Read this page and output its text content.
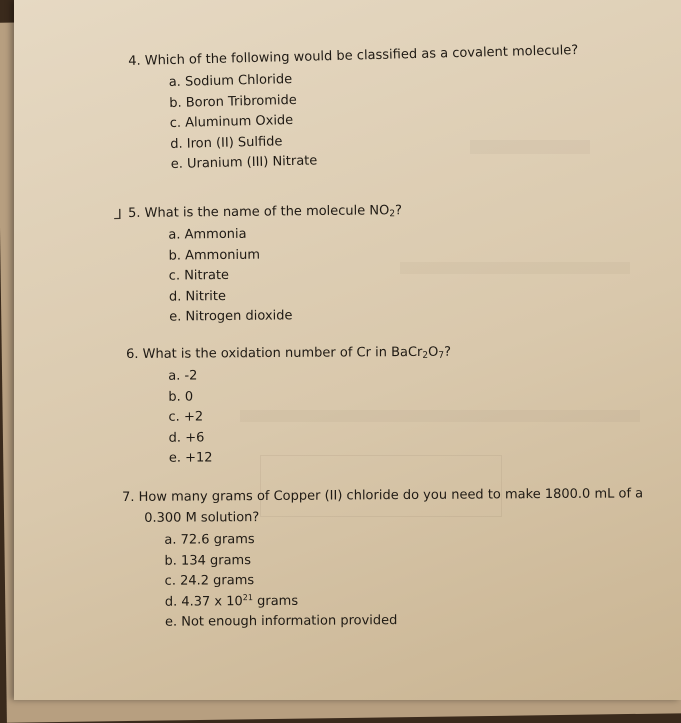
4. Which of the following would be classified as a covalent molecule?
a. Sodium Chloride
b. Boron Tribromide
c. Aluminum Oxide
d. Iron (II) Sulfide
e. Uranium (III) Nitrate
⅃ 5. What is the name of the molecule $NO_2$?
a. Ammonia
b. Ammonium
c. Nitrate
d. Nitrite
e. Nitrogen dioxide
6. What is the oxidation number of Cr in $BaCr_2O_7$?
a. -2
b. 0
c. +2
d. +6
e. +12
7. How many grams of Copper (II) chloride do you need to make 1800.0 mL of a
0.300 M solution?
a. 72.6 grams
b. 134 grams
c. 24.2 grams
d. 4.37 x $10^{21}$ grams
e. Not enough information provided
